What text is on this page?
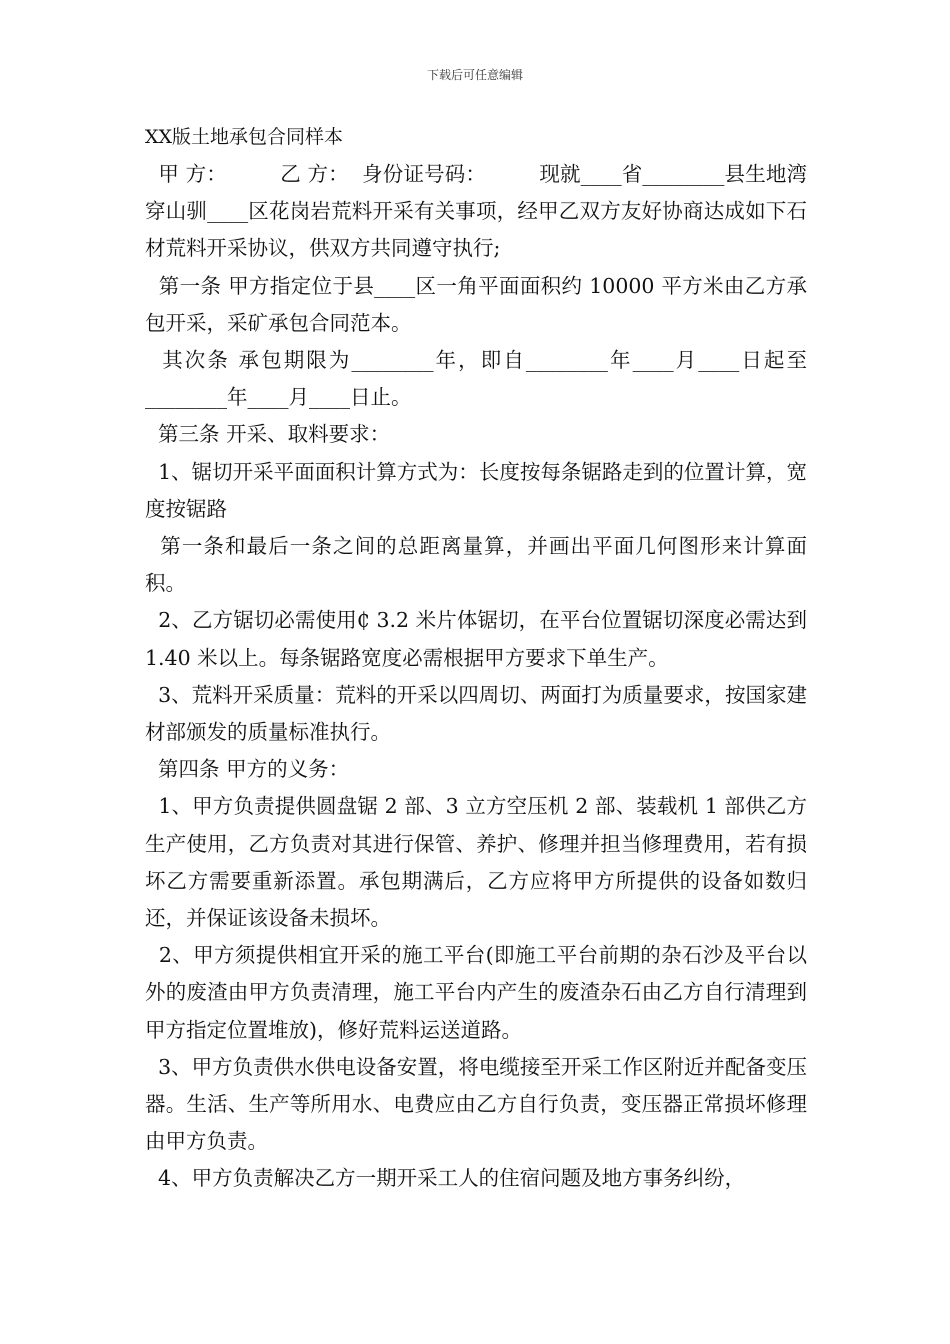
下载后可任意编辑
XX版土地承包合同样本

甲 方：        乙 方：  身份证号码：        现就____省________县生地湾穿山驯____区花岗岩荒料开采有关事项，经甲乙双方友好协商达成如下石材荒料开采协议，供双方共同遵守执行;

第一条 甲方指定位于县____区一角平面面积约 10000 平方米由乙方承包开采，采矿承包合同范本。

其次条 承包期限为________年，即自________年____月____日起至________年____月____日止。

第三条 开采、取料要求：

1、锯切开采平面面积计算方式为：长度按每条锯路走到的位置计算，宽度按锯路

第一条和最后一条之间的总距离量算，并画出平面几何图形来计算面积。

2、乙方锯切必需使用₵ 3.2 米片体锯切，在平台位置锯切深度必需达到 1.40 米以上。每条锯路宽度必需根据甲方要求下单生产。

3、荒料开采质量：荒料的开采以四周切、两面打为质量要求，按国家建材部颁发的质量标准执行。

第四条 甲方的义务：

1、甲方负责提供圆盘锯 2 部、3 立方空压机 2 部、装载机 1 部供乙方生产使用，乙方负责对其进行保管、养护、修理并担当修理费用，若有损坏乙方需要重新添置。承包期满后，乙方应将甲方所提供的设备如数归还，并保证该设备未损坏。

2、甲方须提供相宜开采的施工平台(即施工平台前期的杂石沙及平台以外的废渣由甲方负责清理，施工平台内产生的废渣杂石由乙方自行清理到甲方指定位置堆放)，修好荒料运送道路。

3、甲方负责供水供电设备安置，将电缆接至开采工作区附近并配备变压器。生活、生产等所用水、电费应由乙方自行负责，变压器正常损坏修理由甲方负责。

4、甲方负责解决乙方一期开采工人的住宿问题及地方事务纠纷，
